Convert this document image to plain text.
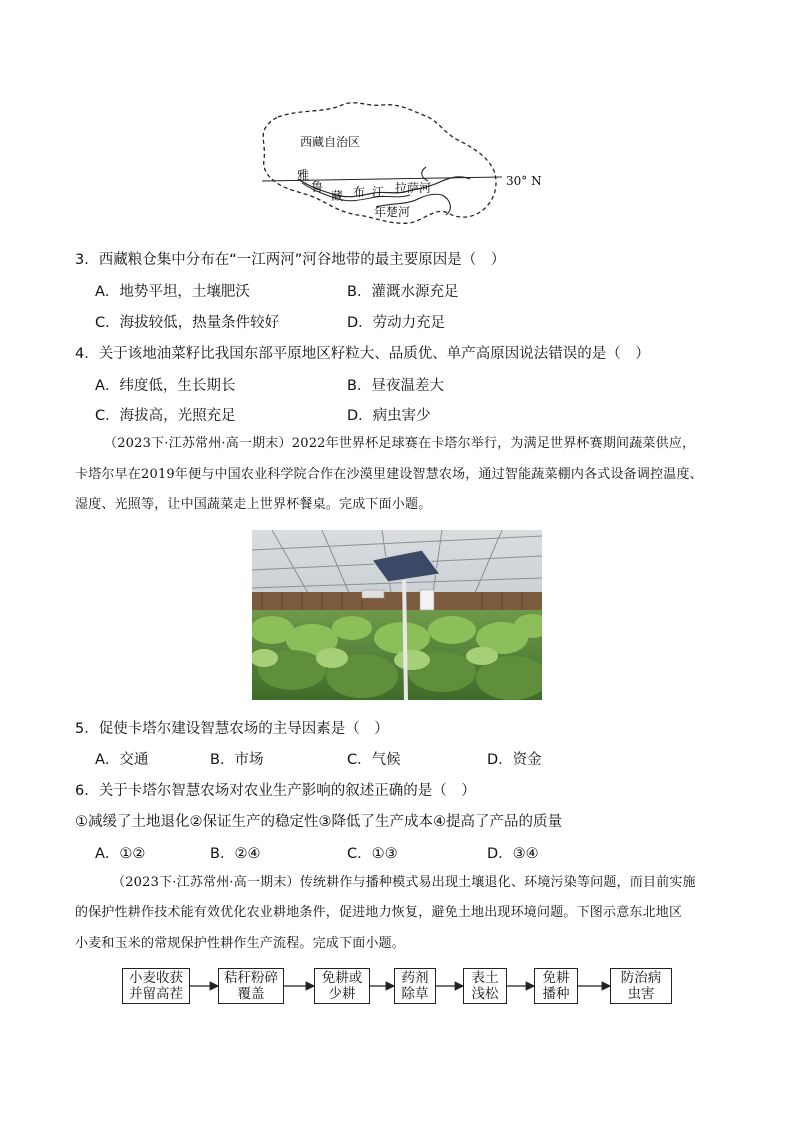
西藏自治区
雅
鲁
藏 布 江 拉萨河
年楚河
30° N
3．西藏粮仓集中分布在“一江两河”河谷地带的最主要原因是（　）
A．地势平坦，土壤肥沃	B．灌溉水源充足
C．海拔较低，热量条件较好	D．劳动力充足
4．关于该地油菜籽比我国东部平原地区籽粒大、品质优、单产高原因说法错误的是（　）
A．纬度低，生长期长	B．昼夜温差大
C．海拔高，光照充足	D．病虫害少
（2023下·江苏常州·高一期末）2022年世界杯足球赛在卡塔尔举行，为满足世界杯赛期间蔬菜供应，
卡塔尔早在2019年便与中国农业科学院合作在沙漠里建设智慧农场，通过智能蔬菜棚内各式设备调控温度、
湿度、光照等，让中国蔬菜走上世界杯餐桌。完成下面小题。
5．促使卡塔尔建设智慧农场的主导因素是（　）
A．交通	B．市场	C．气候	D．资金
6．关于卡塔尔智慧农场对农业生产影响的叙述正确的是（　）
①减缓了土地退化②保证生产的稳定性③降低了生产成本④提高了产品的质量
A．①②	B．②④	C．①③	D．③④
（2023下·江苏常州·高一期末）传统耕作与播种模式易出现土壤退化、环境污染等问题，而目前实施
的保护性耕作技术能有效优化农业耕地条件，促进地力恢复，避免土地出现环境问题。下图示意东北地区
小麦和玉米的常规保护性耕作生产流程。完成下面小题。
小麦收获
并留高茬
秸秆粉碎
覆盖
免耕或
少耕
药剂
除草
表土
浅松
免耕
播种
防治病
虫害
